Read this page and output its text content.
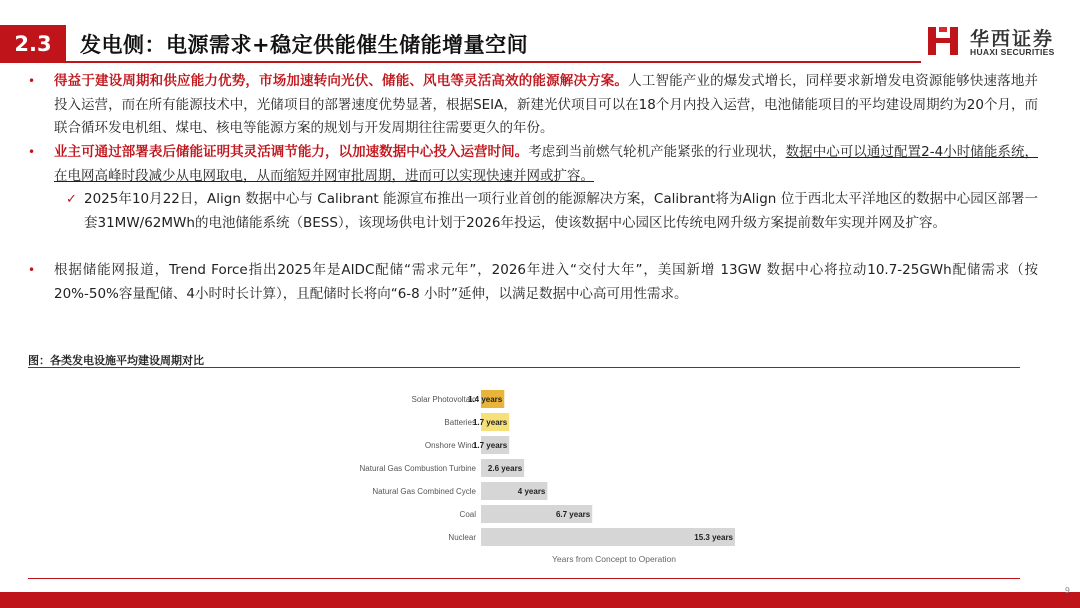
2.3	发电侧：电源需求+稳定供能催生储能增量空间	华西证券
HUAXI SECURITIES
•	得益于建设周期和供应能力优势，市场加速转向光伏、储能、风电等灵活高效的能源解决方案。人工智能产业的爆发式增长，同样要求新增发电资源能够快速落地并投入运营，而在所有能源技术中，光储项目的部署速度优势显著，根据SEIA，新建光伏项目可以在18个月内投入运营，电池储能项目的平均建设周期约为20个月，而联合循环发电机组、煤电、核电等能源方案的规划与开发周期往往需要更久的年份。
•	业主可通过部署表后储能证明其灵活调节能力，以加速数据中心投入运营时间。考虑到当前燃气轮机产能紧张的行业现状，数据中心可以通过配置2-4小时储能系统，在电网高峰时段减少从电网取电，从而缩短并网审批周期，进而可以实现快速并网或扩容。
✓ 2025年10月22日，Align 数据中心与 Calibrant 能源宣布推出一项行业首创的能源解决方案，Calibrant将为Align 位于西北太平洋地区的数据中心园区部署一套31MW/62MWh的电池储能系统（BESS），该现场供电计划于2026年投运，使该数据中心园区比传统电网升级方案提前数年实现并网及扩容。
•	根据储能网报道，Trend Force指出2025年是AIDC配储“需求元年”，2026年进入“交付大年”，美国新增 13GW 数据中心将拉动10.7-25GWh配储需求（按20%-50%容量配储、4小时时长计算），且配储时长将向“6-8 小时”延伸，以满足数据中心高可用性需求。
图：各类发电设施平均建设周期对比
Solar Photovoltaic
1.4 years
Batteries
1.7 years
Onshore Wind
1.7 years
Natural Gas Combustion Turbine 2.6 years
Natural Gas Combined Cycle	4 years
Coal	6.7 years
Nuclear	15.3 years
Years from Concept to Operation
9
